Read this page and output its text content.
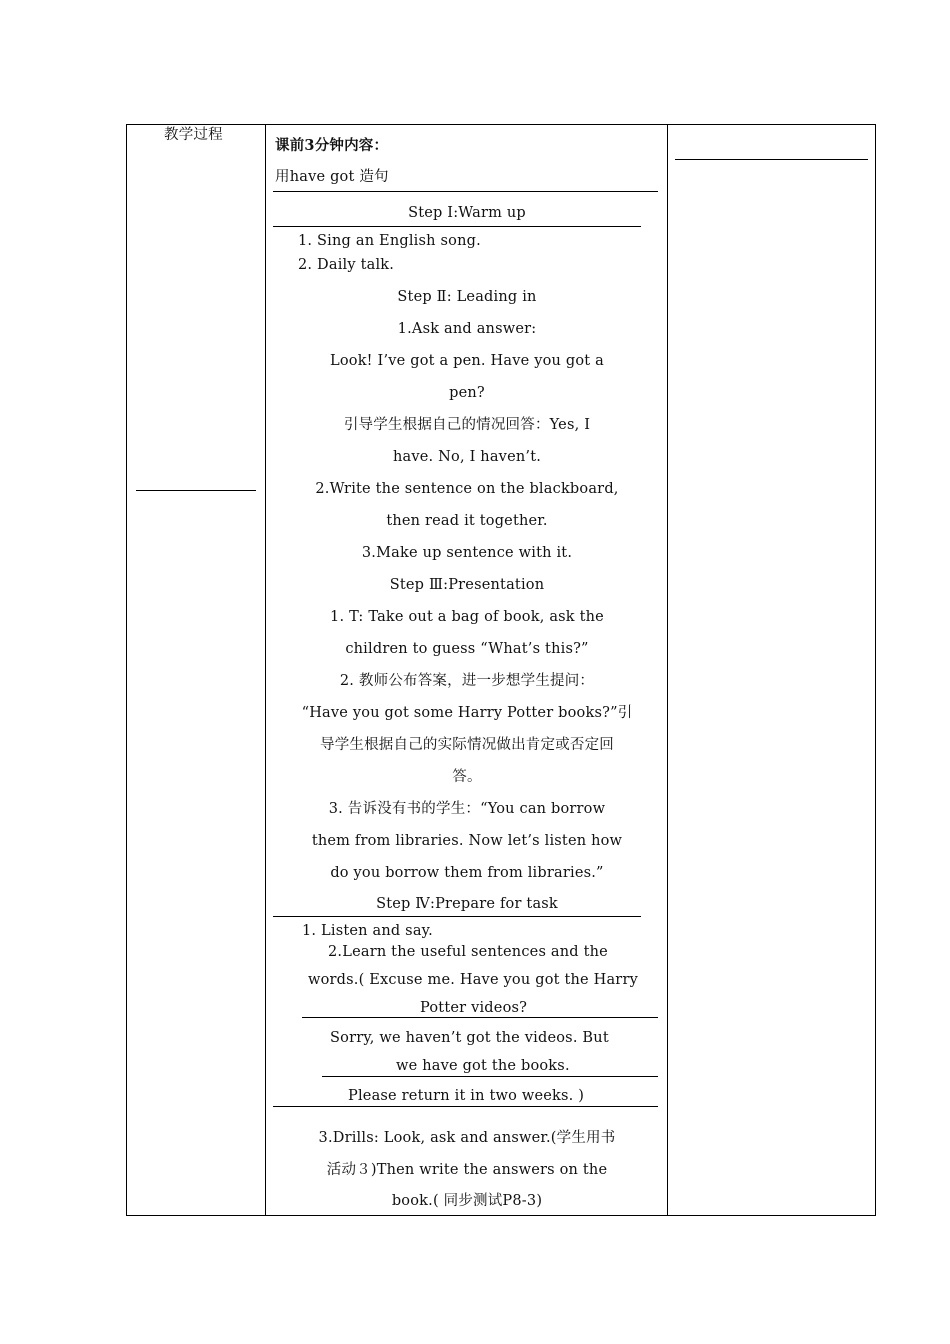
教学过程
课前3分钟内容：
用have got 造句
Step Ⅰ:Warm up
1. Sing an English song.
2. Daily talk.
Step Ⅱ: Leading in
1.Ask and answer:
Look! I’ve got a pen. Have you got a
pen?
引导学生根据自己的情况回答：Yes, I
have. No, I haven’t.
2.Write the sentence on the blackboard,
then read it together.
3.Make up sentence with it.
Step Ⅲ:Presentation
1. T: Take out a bag of book, ask the
children to guess “What’s this?”
2. 教师公布答案，进一步想学生提问：
“Have you got some Harry Potter books?”引
导学生根据自己的实际情况做出肯定或否定回
答。
3. 告诉没有书的学生：“You can borrow
them from libraries. Now let’s listen how
do you borrow them from libraries.”
Step Ⅳ:Prepare for task
1. Listen and say.
2.Learn the useful sentences and the
words.( Excuse me. Have you got the Harry
Potter videos?
Sorry, we haven’t got the videos. But
we have got the books.
Please return it in two weeks. )
3.Drills: Look, ask and answer.(学生用书
活动３)Then write the answers on the
book.( 同步测试P8-3)
